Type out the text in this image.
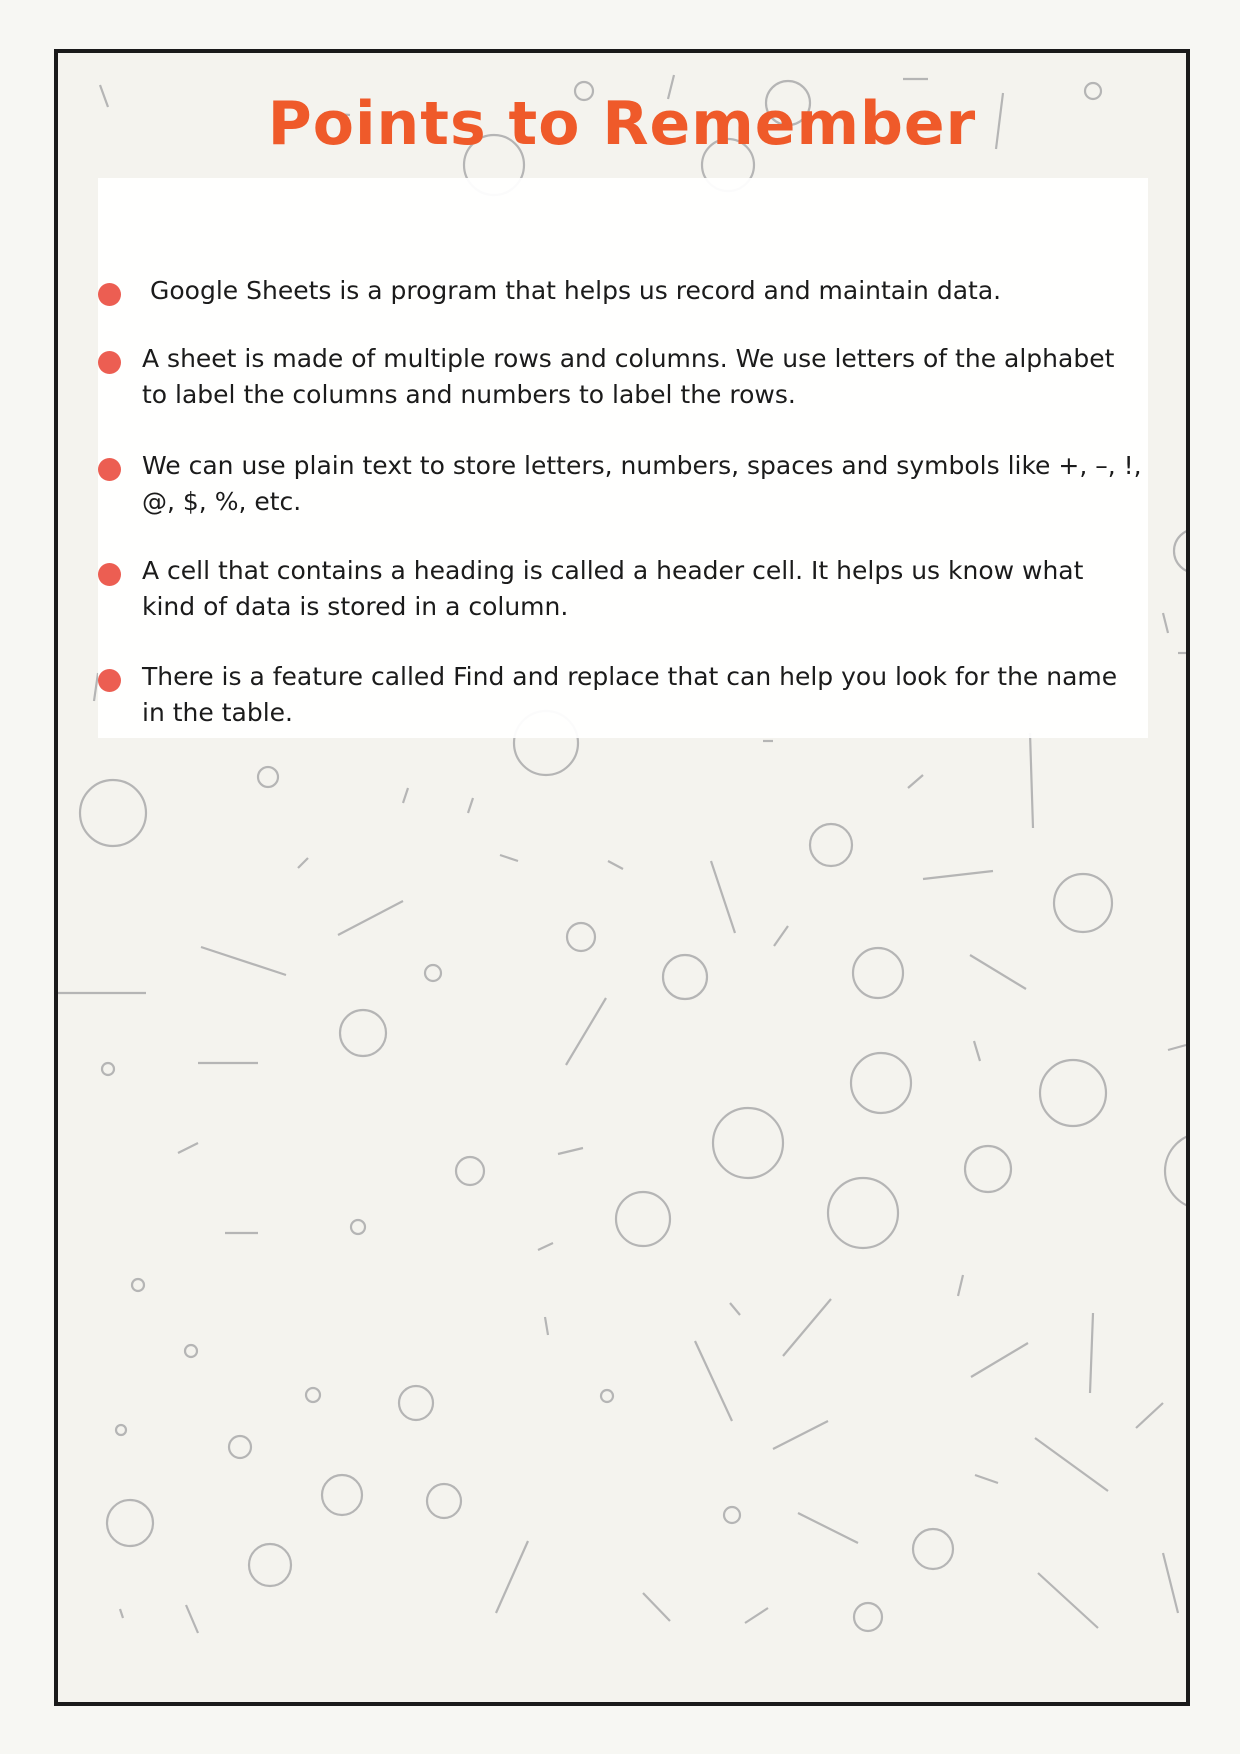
Points to Remember
Google Sheets is a program that helps us record and maintain data.
A sheet is made of multiple rows and columns. We use letters of the alphabet to label the columns and numbers to label the rows.
We can use plain text to store letters, numbers, spaces and symbols like +, –, !, @, $, %, etc.
A cell that contains a heading is called a header cell. It helps us know what kind of data is stored in a column.
There is a feature called Find and replace that can help you look for the name in the table.
